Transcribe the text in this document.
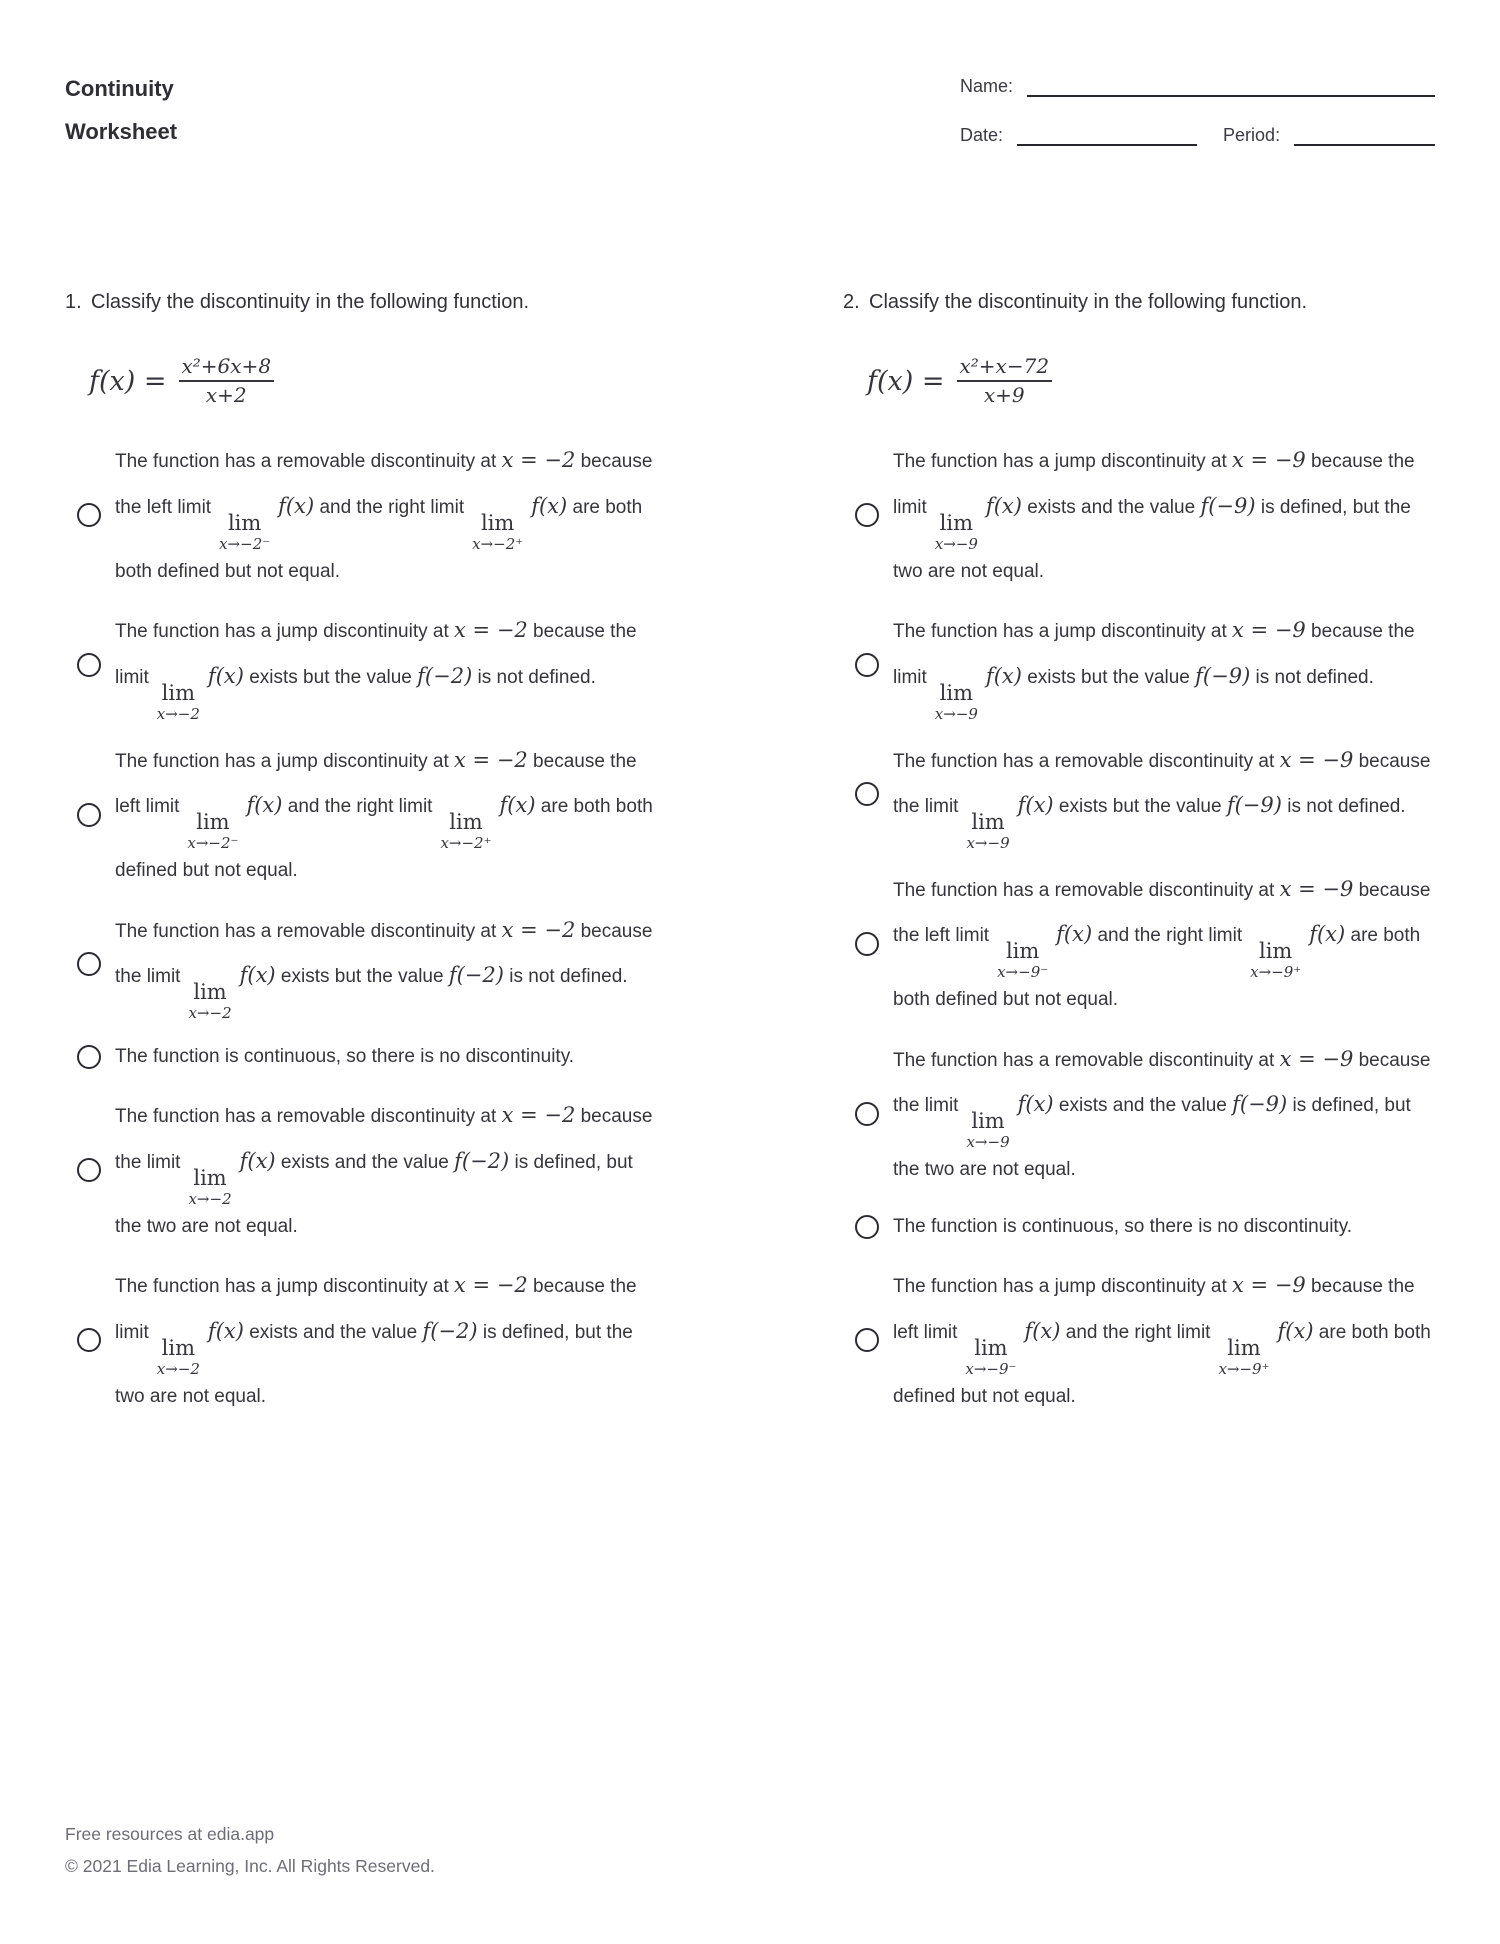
Continuity
Worksheet
Name:
Date:	Period:
1. Classify the discontinuity in the following function.
$f(x) = \frac{\text{x²+6x+8}}{x+2}$
The function has a removable discontinuity at x = −2 because the left limit
lim
x→−2⁻
f(x) and the right limit
lim
x→−2⁺
f(x) are both both defined but not equal.
The function has a jump discontinuity at x = −2 because the limit
lim
x→−2
f(x) exists but the value f(−2) is not defined.
The function has a jump discontinuity at x = −2 because the left limit
lim
x→−2⁻
f(x) and the right limit
lim
x→−2⁺
f(x) are both both defined but not equal.
The function has a removable discontinuity at x = −2 because the limit
lim
x→−2
f(x) exists but the value f(−2) is not defined.
The function is continuous, so there is no discontinuity.
The function has a removable discontinuity at x = −2 because the limit
lim
x→−2
f(x) exists and the value f(−2) is defined, but the two are not equal.
The function has a jump discontinuity at x = −2 because the limit
lim
x→−2
f(x) exists and the value f(−2) is defined, but the two are not equal.
2. Classify the discontinuity in the following function.
$f(x) = \frac{\text{x²+x−72}}{x+9}$
The function has a jump discontinuity at x = −9 because the limit
lim
x→−9
f(x) exists and the value f(−9) is defined, but the two are not equal.
The function has a jump discontinuity at x = −9 because the limit
lim
x→−9
f(x) exists but the value f(−9) is not defined.
The function has a removable discontinuity at x = −9 because the limit
lim
x→−9
f(x) exists but the value f(−9) is not defined.
The function has a removable discontinuity at x = −9 because the left limit
lim
x→−9⁻
f(x) and the right limit
lim
x→−9⁺
f(x) are both both defined but not equal.
The function has a removable discontinuity at x = −9 because the limit
lim
x→−9
f(x) exists and the value f(−9) is defined, but the two are not equal.
The function is continuous, so there is no discontinuity.
The function has a jump discontinuity at x = −9 because the left limit
lim
x→−9⁻
f(x) and the right limit
lim
x→−9⁺
f(x) are both both defined but not equal.
Free resources at edia.app
© 2021 Edia Learning, Inc. All Rights Reserved.
